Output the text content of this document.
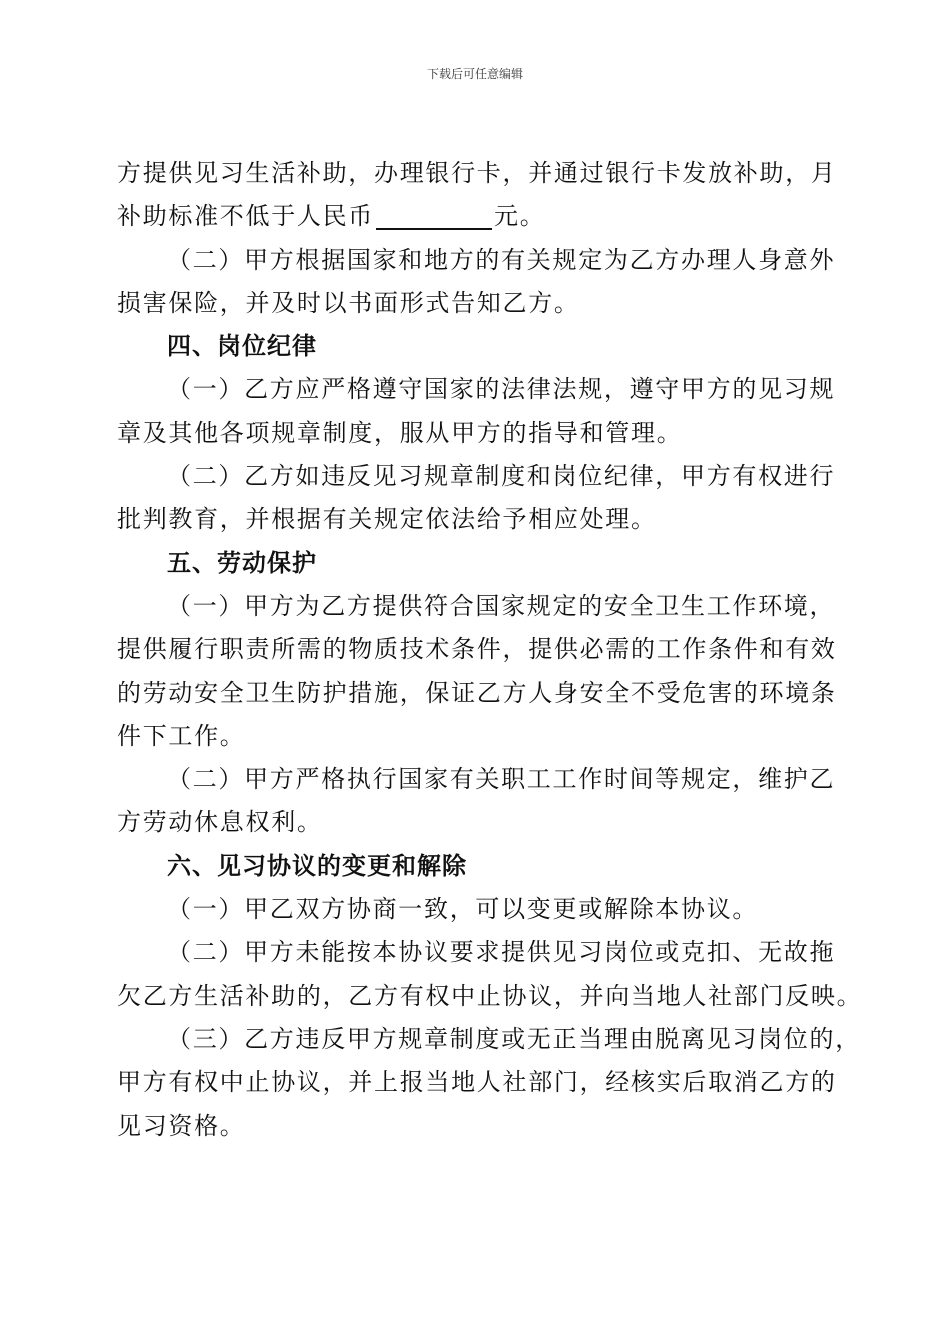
下载后可任意编辑
方提供见习生活补助，办理银行卡，并通过银行卡发放补助，月
补助标准不低于人民币	元。
（二）甲方根据国家和地方的有关规定为乙方办理人身意外
损害保险，并及时以书面形式告知乙方。
四、岗位纪律
（一）乙方应严格遵守国家的法律法规，遵守甲方的见习规
章及其他各项规章制度，服从甲方的指导和管理。
（二）乙方如违反见习规章制度和岗位纪律，甲方有权进行
批判教育，并根据有关规定依法给予相应处理。
五、劳动保护
（一）甲方为乙方提供符合国家规定的安全卫生工作环境，
提供履行职责所需的物质技术条件，提供必需的工作条件和有效
的劳动安全卫生防护措施，保证乙方人身安全不受危害的环境条
件下工作。
（二）甲方严格执行国家有关职工工作时间等规定，维护乙
方劳动休息权利。
六、见习协议的变更和解除
（一）甲乙双方协商一致，可以变更或解除本协议。
（二）甲方未能按本协议要求提供见习岗位或克扣、无故拖
欠乙方生活补助的，乙方有权中止协议，并向当地人社部门反映。
（三）乙方违反甲方规章制度或无正当理由脱离见习岗位的，
甲方有权中止协议，并上报当地人社部门，经核实后取消乙方的
见习资格。
